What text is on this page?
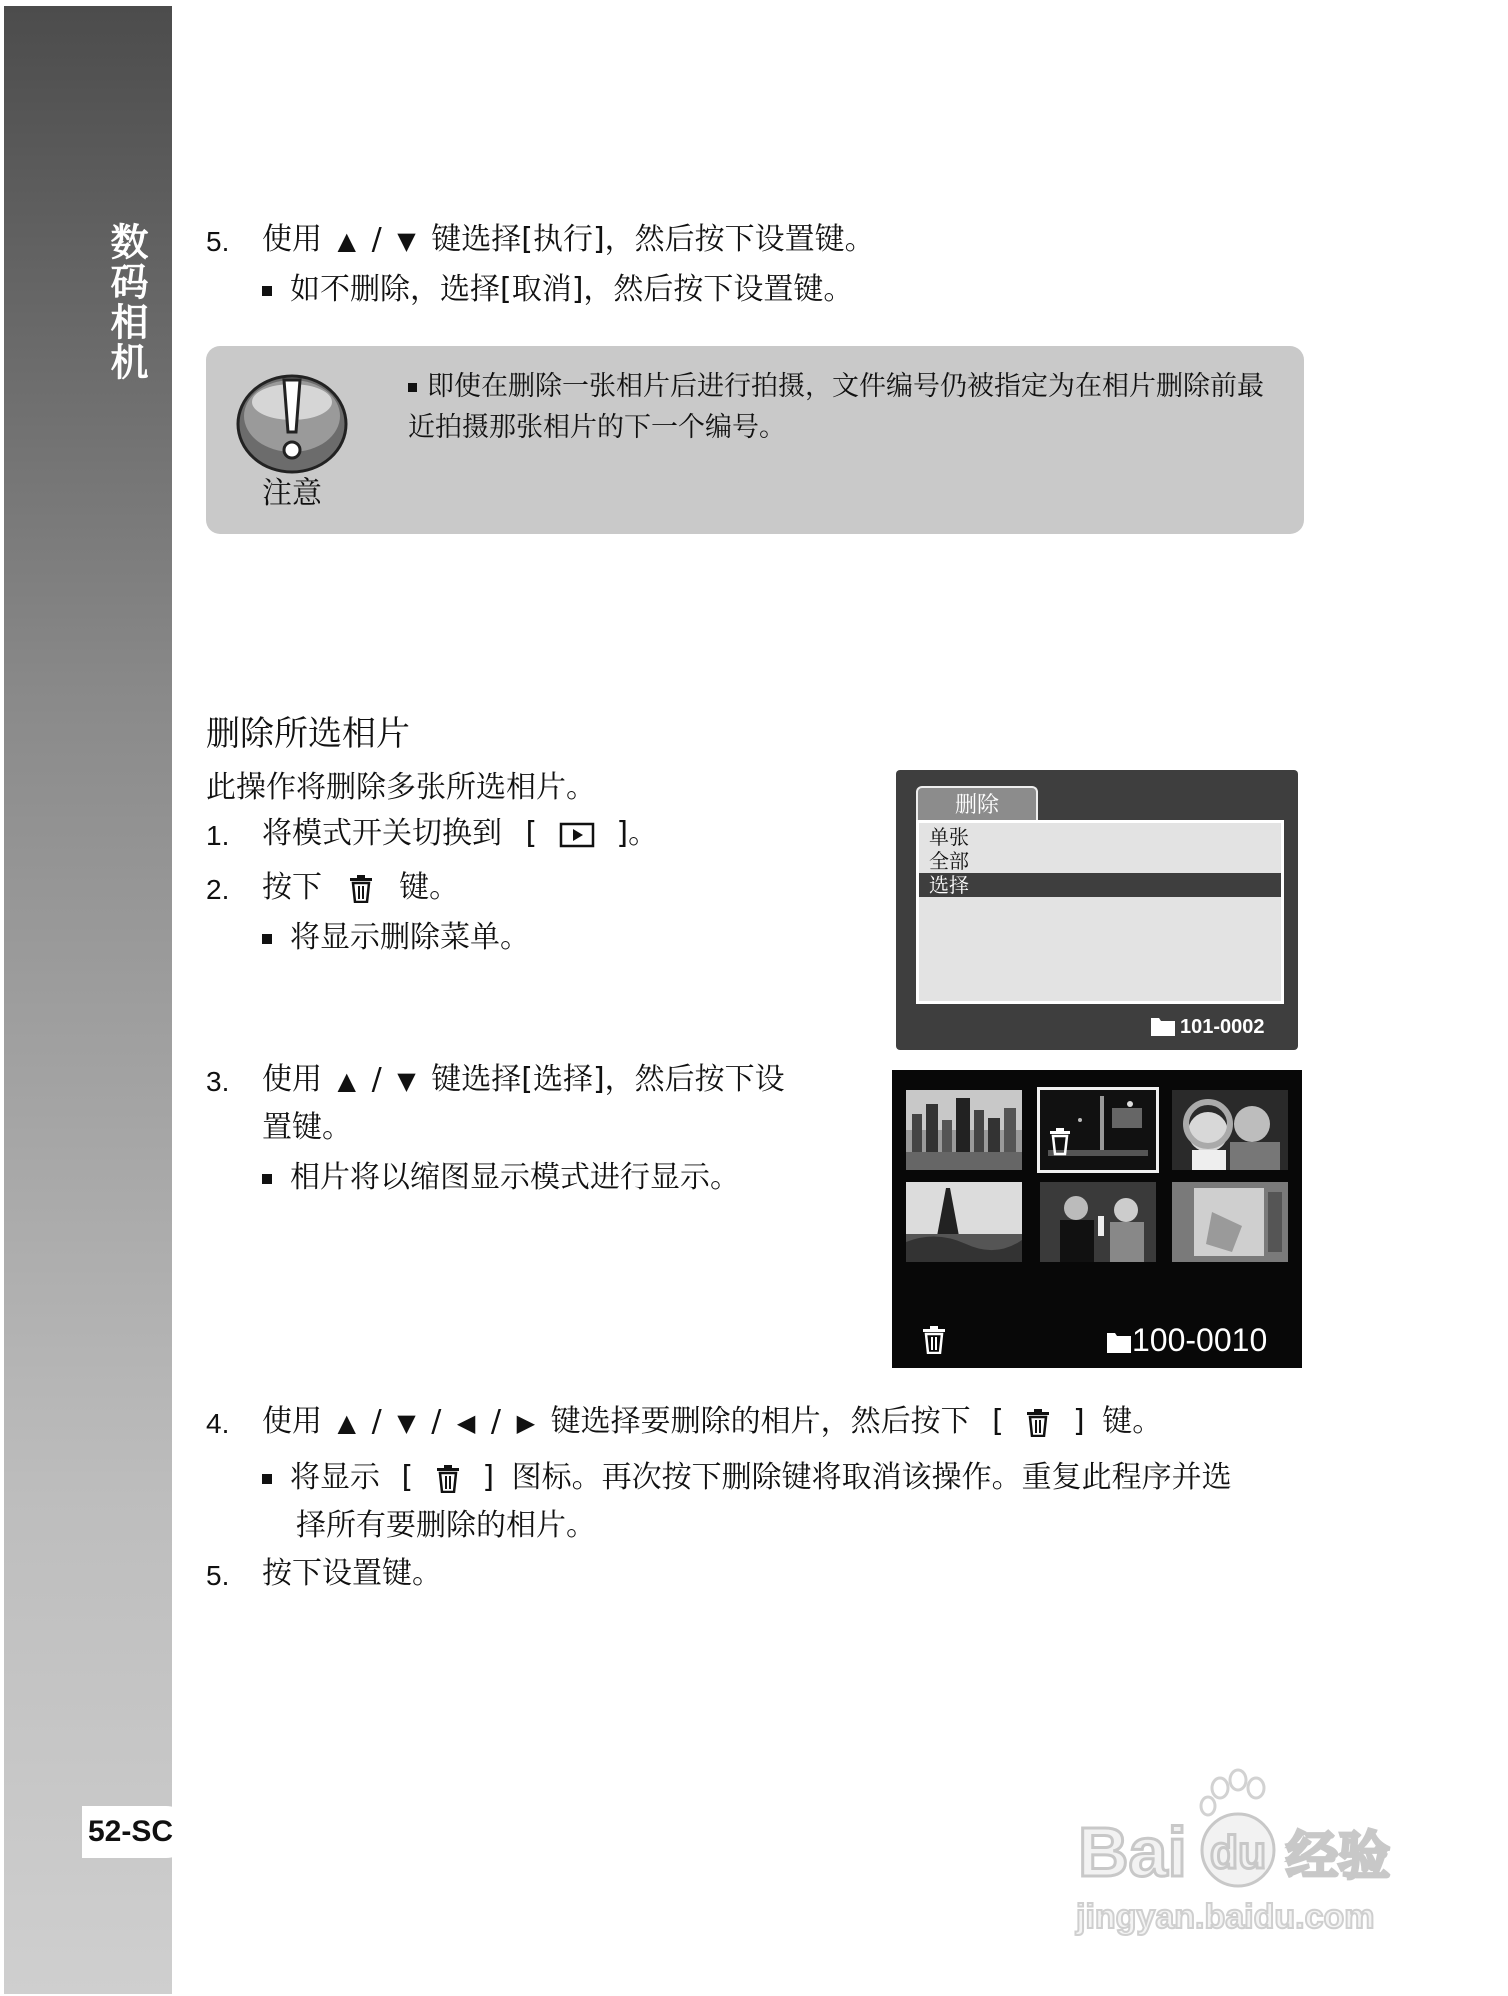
数码相机
52-SC
5. 使用 ▲ / ▼ 键选择[执行]，然后按下设置键。
如不删除，选择[取消]，然后按下设置键。
注意
即使在删除一张相片后进行拍摄，文件编号仍被指定为在相片删除前最近拍摄那张相片的下一个编号。
删除所选相片
此操作将删除多张所选相片。
1. 将模式开关切换到 [	]。
2. 按下	键。
将显示删除菜单。
3. 使用 ▲ / ▼ 键选择[选择]，然后按下设
置键。
相片将以缩图显示模式进行显示。
4. 使用 ▲ / ▼ / ◀ / ▶ 键选择要删除的相片，然后按下 [ ] 键。
将显示 [ ] 图标。再次按下删除键将取消该操作。重复此程序并选
择所有要删除的相片。
5. 按下设置键。
删除
单张
全部
选择
101-0002
100-0010
Bai du 经验
jingyan.baidu.com
